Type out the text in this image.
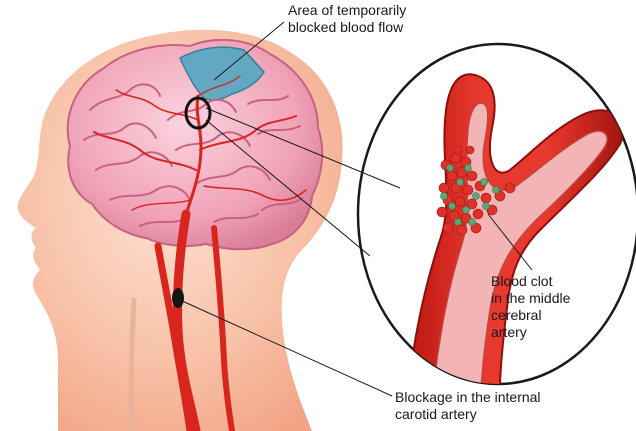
Area of temporarily
blocked blood flow

Blood clot
in the middle
cerebral
artery

Blockage in the internal
carotid artery
